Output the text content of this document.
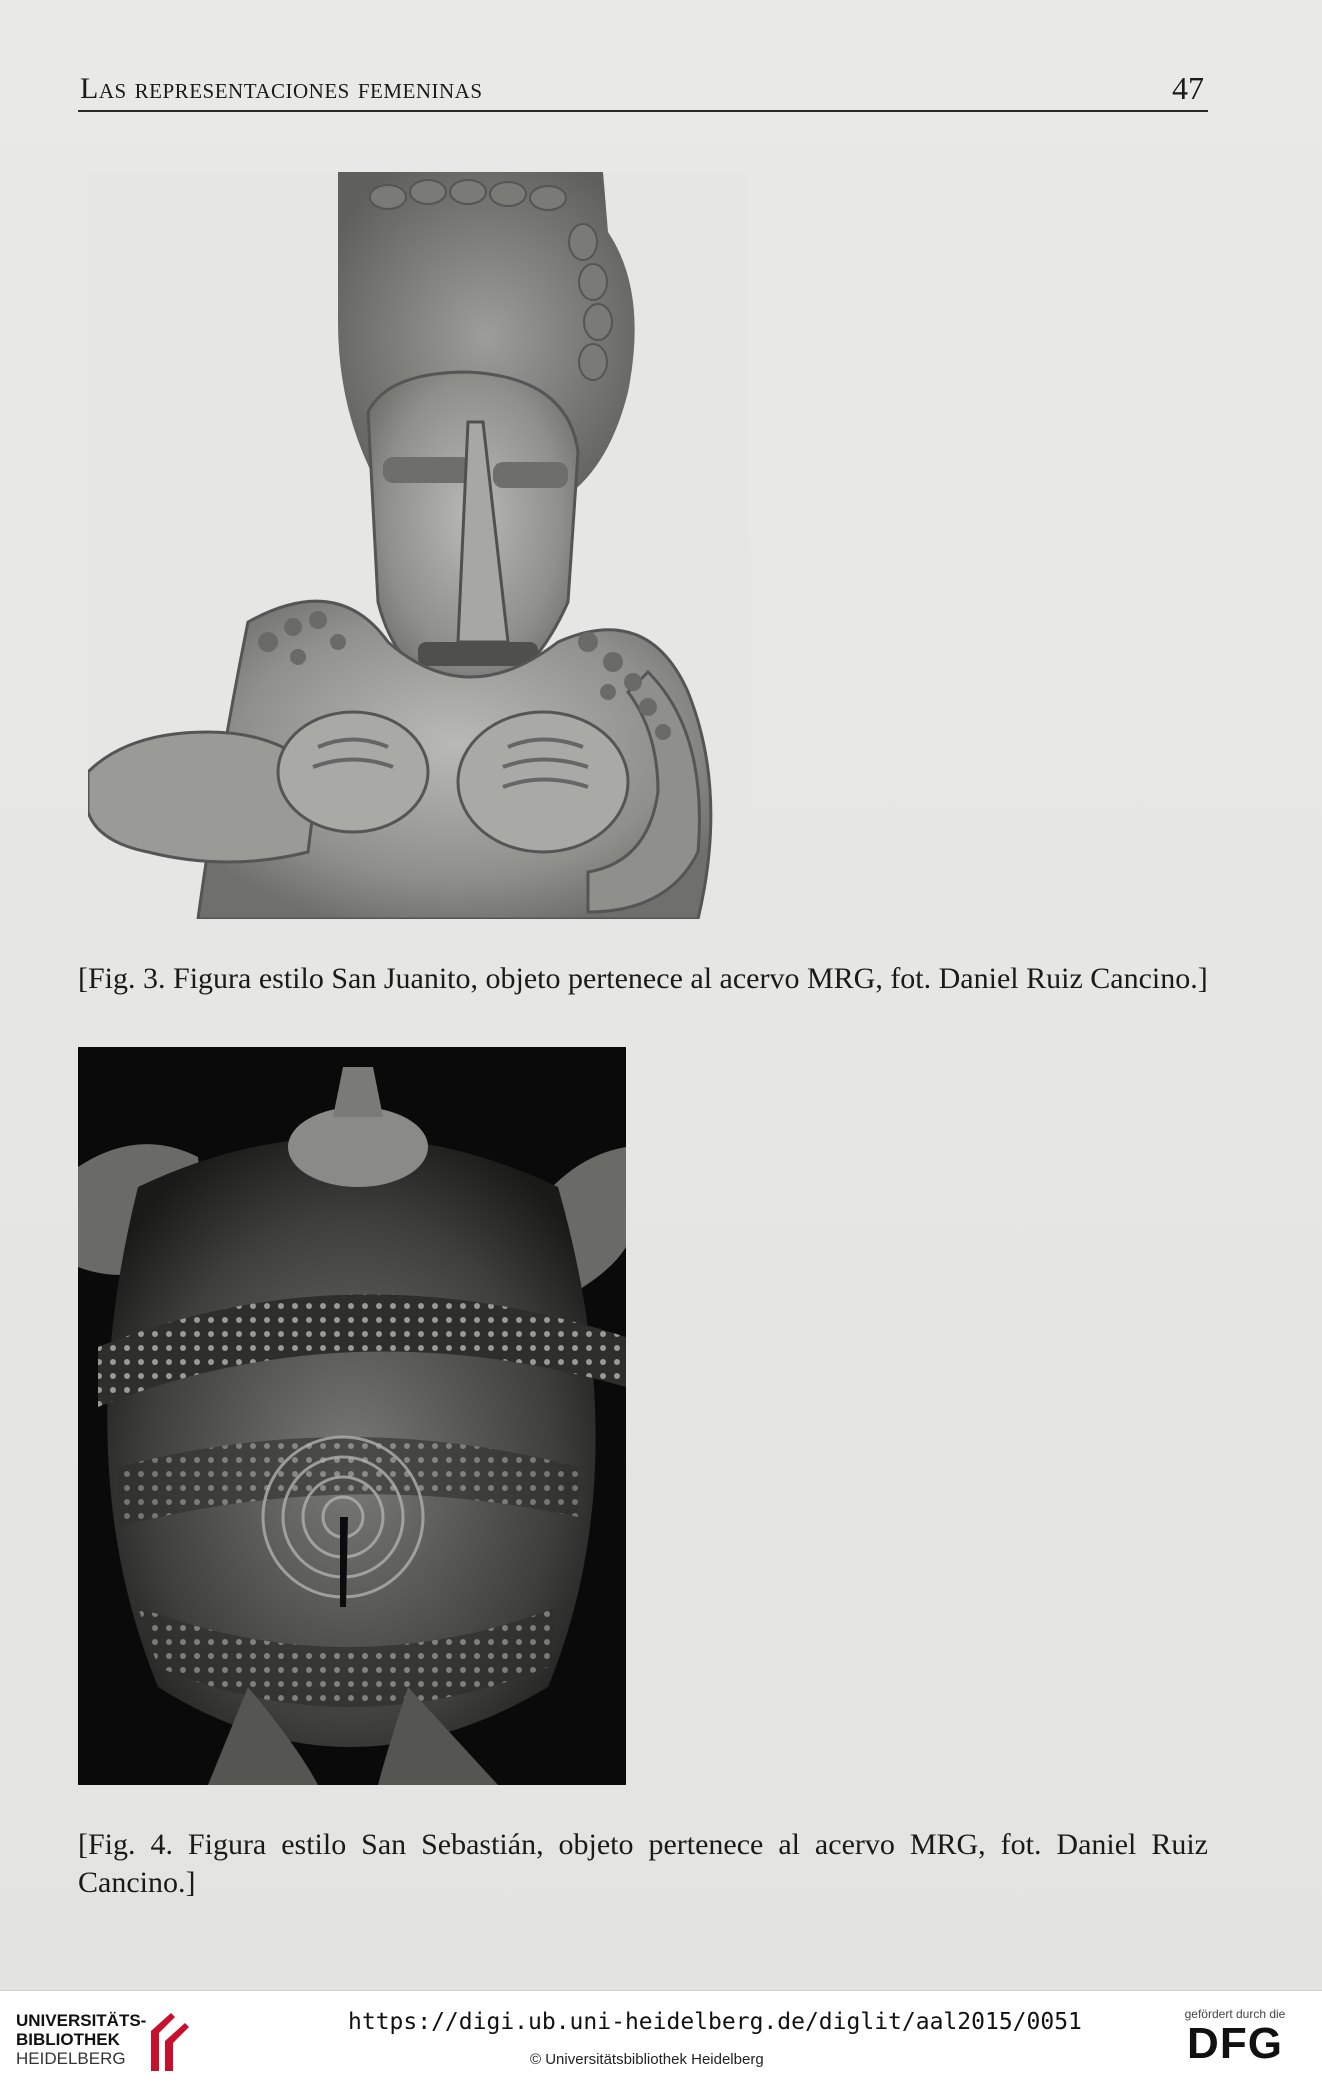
Las representaciones femeninas	47

[Fig. 3. Figura estilo San Juanito, objeto pertenece al acervo MRG, fot. Daniel Ruiz Cancino.]

[Fig. 4. Figura estilo San Sebastián, objeto pertenece al acervo MRG, fot. Daniel Ruiz Cancino.]

UNIVERSITÄTS-
BIBLIOTHEK
HEIDELBERG
https://digi.ub.uni-heidelberg.de/diglit/aal2015/0051
© Universitätsbibliothek Heidelberg
gefördert durch die
DFG
